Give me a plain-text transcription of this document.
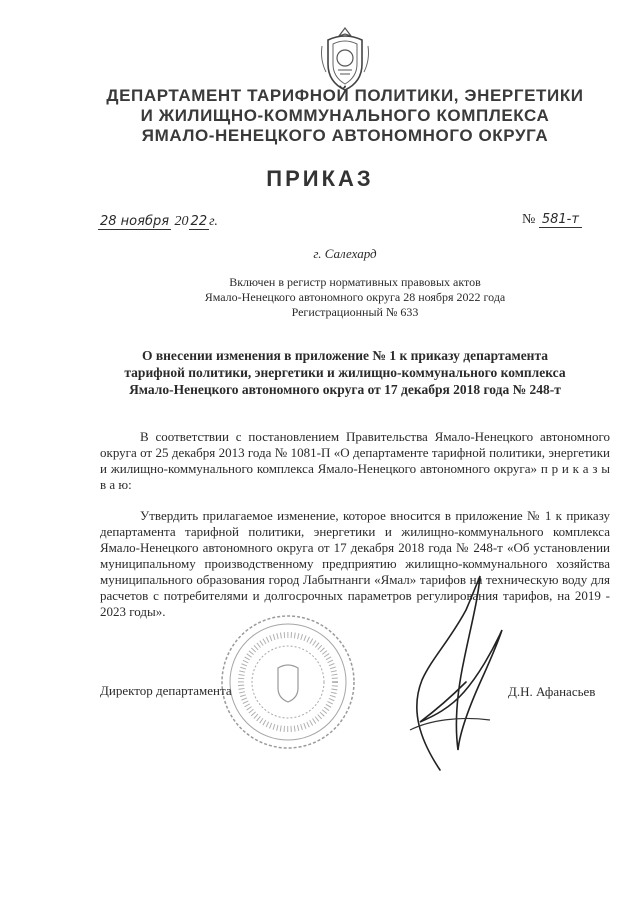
ДЕПАРТАМЕНТ ТАРИФНОЙ ПОЛИТИКИ, ЭНЕРГЕТИКИ
И ЖИЛИЩНО-КОММУНАЛЬНОГО КОМПЛЕКСА
ЯМАЛО-НЕНЕЦКОГО АВТОНОМНОГО ОКРУГА
ПРИКАЗ
28 ноября 20 22 г.	№ 581-т
г. Салехард
Включен в регистр нормативных правовых актов
Ямало-Ненецкого автономного округа 28 ноября 2022 года
Регистрационный № 633
О внесении изменения в приложение № 1 к приказу департамента
тарифной политики, энергетики и жилищно-коммунального комплекса
Ямало-Ненецкого автономного округа от 17 декабря 2018 года № 248-т
В соответствии с постановлением Правительства Ямало-Ненецкого автономного округа от 25 декабря 2013 года № 1081-П «О департаменте тарифной политики, энергетики и жилищно-коммунального комплекса Ямало-Ненецкого автономного округа» п р и к а з ы в а ю:
Утвердить прилагаемое изменение, которое вносится в приложение № 1 к приказу департамента тарифной политики, энергетики и жилищно-коммунального комплекса Ямало-Ненецкого автономного округа от 17 декабря 2018 года № 248-т «Об установлении муниципальному производственному предприятию жилищно-коммунального хозяйства муниципального образования город Лабытнанги «Ямал» тарифов на техническую воду для расчетов с потребителями и долгосрочных параметров регулирования тарифов, на 2019 - 2023 годы».
Директор департамента	Д.Н. Афанасьев
